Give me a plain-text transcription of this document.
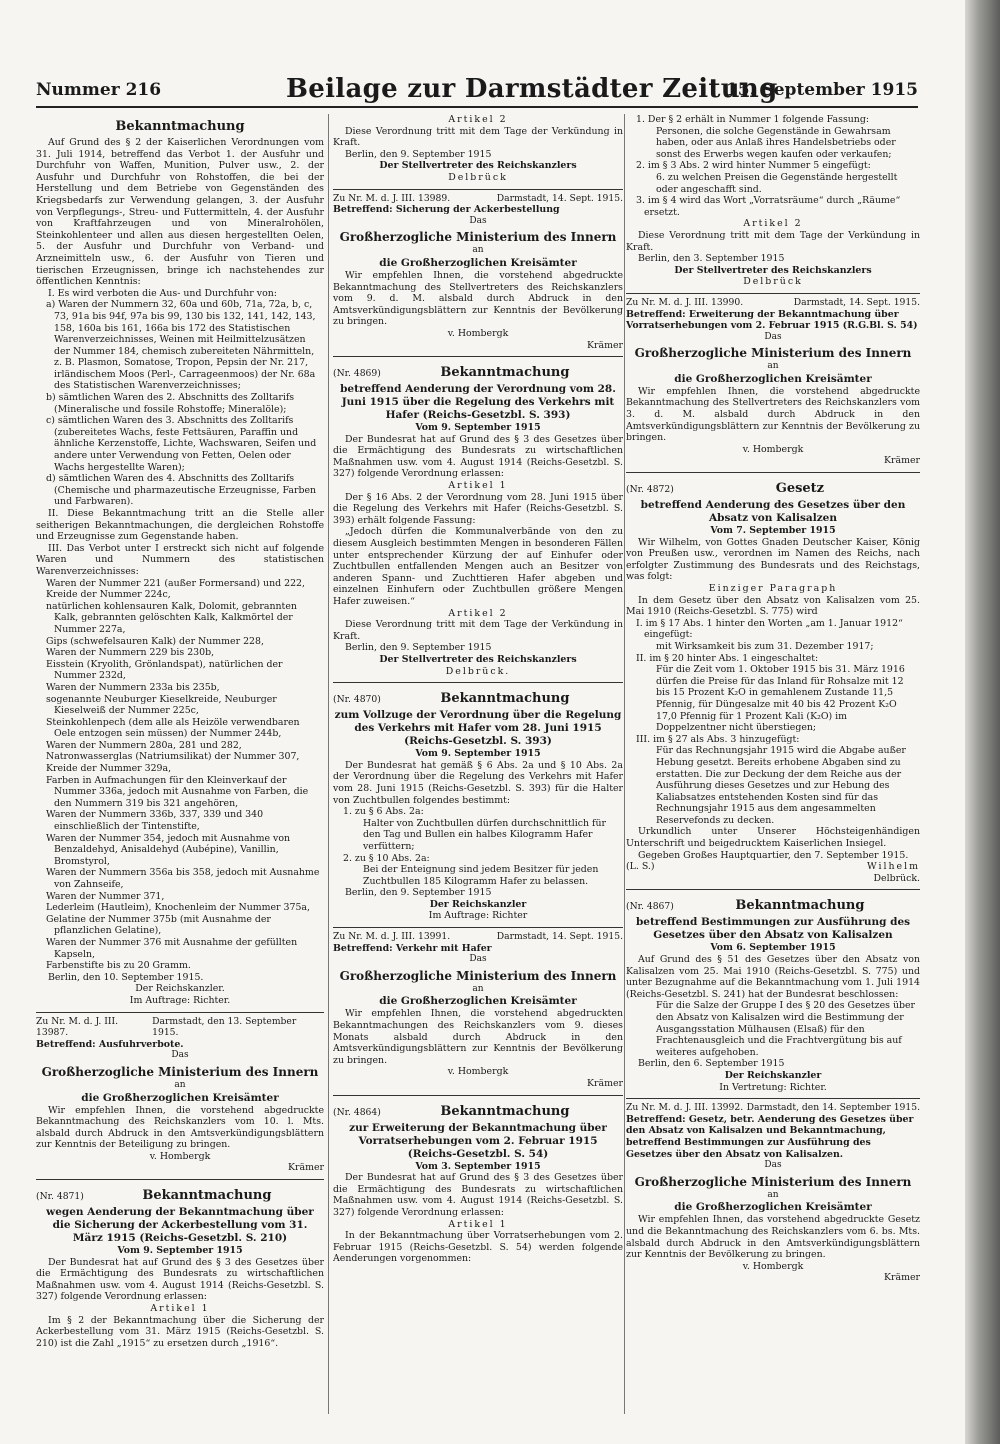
Nummer 216	Beilage zur Darmstädter Zeitung
15. September 1915
Bekanntmachung

Auf Grund des § 2 der Kaiserlichen Verordnungen vom 31. Juli 1914, betreffend das Verbot 1. der Ausfuhr und Durchfuhr von Waffen, Munition, Pulver usw., 2. der Ausfuhr und Durchfuhr von Rohstoffen, die bei der Herstellung und dem Betriebe von Gegenständen des Kriegsbedarfs zur Verwendung gelangen, 3. der Ausfuhr von Verpflegungs-, Streu- und Futtermitteln, 4. der Ausfuhr von Kraftfahrzeugen und von Mineralrohölen, Steinkohlenteer und allen aus diesen hergestellten Oelen, 5. der Ausfuhr und Durchfuhr von Verband- und Arzneimitteln usw., 6. der Ausfuhr von Tieren und tierischen Erzeugnissen, bringe ich nachstehendes zur öffentlichen Kenntnis:

I. Es wird verboten die Aus- und Durchfuhr von:

a) Waren der Nummern 32, 60a und 60b, 71a, 72a, b, c, 73, 91a bis 94f, 97a bis 99, 130 bis 132, 141, 142, 143, 158, 160a bis 161, 166a bis 172 des Statistischen Warenverzeichnisses, Weinen mit Heilmittelzusätzen der Nummer 184, chemisch zubereiteten Nährmitteln, z. B. Plasmon, Somatose, Tropon, Pepsin der Nr. 217, irländischem Moos (Perl-, Carrageenmoos) der Nr. 68a des Statistischen Warenverzeichnisses;

b) sämtlichen Waren des 2. Abschnitts des Zolltarifs (Mineralische und fossile Rohstoffe; Mineralöle);

c) sämtlichen Waren des 3. Abschnitts des Zolltarifs (zubereitetes Wachs, feste Fettsäuren, Paraffin und ähnliche Kerzenstoffe, Lichte, Wachswaren, Seifen und andere unter Verwendung von Fetten, Oelen oder Wachs hergestellte Waren);

d) sämtlichen Waren des 4. Abschnitts des Zolltarifs (Chemische und pharmazeutische Erzeugnisse, Farben und Farbwaren).

II. Diese Bekanntmachung tritt an die Stelle aller seitherigen Bekanntmachungen, die dergleichen Rohstoffe und Erzeugnisse zum Gegenstande haben.

III. Das Verbot unter I erstreckt sich nicht auf folgende Waren und Nummern des statistischen Warenverzeichnisses:

Waren der Nummer 221 (außer Formersand) und 222,

Kreide der Nummer 224c,

natürlichen kohlensauren Kalk, Dolomit, gebrannten Kalk, gebrannten gelöschten Kalk, Kalkmörtel der Nummer 227a,

Gips (schwefelsauren Kalk) der Nummer 228,

Waren der Nummern 229 bis 230b,

Eisstein (Kryolith, Grönlandspat), natürlichen der Nummer 232d,

Waren der Nummern 233a bis 235b,

sogenannte Neuburger Kieselkreide, Neuburger Kieselweiß der Nummer 225c,

Steinkohlenpech (dem alle als Heizöle verwendbaren Oele entzogen sein müssen) der Nummer 244b,

Waren der Nummern 280a, 281 und 282,

Natronwasserglas (Natriumsilikat) der Nummer 307,

Kreide der Nummer 329a,

Farben in Aufmachungen für den Kleinverkauf der Nummer 336a, jedoch mit Ausnahme von Farben, die den Nummern 319 bis 321 angehören,

Waren der Nummern 336b, 337, 339 und 340 einschließlich der Tintenstifte,

Waren der Nummer 354, jedoch mit Ausnahme von Benzaldehyd, Anisaldehyd (Aubépine), Vanillin, Bromstyrol,

Waren der Nummern 356a bis 358, jedoch mit Ausnahme von Zahnseife,

Waren der Nummer 371,

Lederleim (Hautleim), Knochenleim der Nummer 375a,

Gelatine der Nummer 375b (mit Ausnahme der pflanzlichen Gelatine),

Waren der Nummer 376 mit Ausnahme der gefüllten Kapseln,

Farbenstifte bis zu 20 Gramm.

Berlin, den 10. September 1915.

Der Reichskanzler.

Im Auftrage: Richter.

Zu Nr. M. d. J. III. 13987.
Darmstadt, den 13. September 1915.

Betreffend: Ausfuhrverbote.

Das

Großherzogliche Ministerium des Innern

an

die Großherzoglichen Kreisämter

Wir empfehlen Ihnen, die vorstehend abgedruckte Bekanntmachung des Reichskanzlers vom 10. l. Mts. alsbald durch Abdruck in den Amtsverkündigungsblättern zur Kenntnis der Beteiligung zu bringen.

v. Hombergk

Krämer

(Nr. 4871)	Bekanntmachung
wegen Aenderung der Bekanntmachung über die Sicherung der Ackerbestellung vom 31. März 1915 (Reichs-Gesetzbl. S. 210)

Vom 9. September 1915

Der Bundesrat hat auf Grund des § 3 des Gesetzes über die Ermächtigung des Bundesrats zu wirtschaftlichen Maßnahmen usw. vom 4. August 1914 (Reichs-Gesetzbl. S. 327) folgende Verordnung erlassen:

Artikel 1

Im § 2 der Bekanntmachung über die Sicherung der Ackerbestellung vom 31. März 1915 (Reichs-Gesetzbl. S. 210) ist die Zahl „1915“ zu ersetzen durch „1916“.

Artikel 2

Diese Verordnung tritt mit dem Tage der Verkündung in Kraft.

Berlin, den 9. September 1915

Der Stellvertreter des Reichskanzlers

Delbrück

Zu Nr. M. d. J. III. 13989.	Darmstadt, 14. Sept. 1915.

Betreffend: Sicherung der Ackerbestellung

Das

Großherzogliche Ministerium des Innern

an

die Großherzoglichen Kreisämter

Wir empfehlen Ihnen, die vorstehend abgedruckte Bekanntmachung des Stellvertreters des Reichskanzlers vom 9. d. M. alsbald durch Abdruck in den Amtsverkündigungsblättern zur Kenntnis der Bevölkerung zu bringen.

v. Hombergk

Krämer

(Nr. 4869)	Bekanntmachung
betreffend Aenderung der Verordnung vom 28. Juni 1915 über die Regelung des Verkehrs mit Hafer (Reichs-Gesetzbl. S. 393)

Vom 9. September 1915

Der Bundesrat hat auf Grund des § 3 des Gesetzes über die Ermächtigung des Bundesrats zu wirtschaftlichen Maßnahmen usw. vom 4. August 1914 (Reichs-Gesetzbl. S. 327) folgende Verordnung erlassen:

Artikel 1

Der § 16 Abs. 2 der Verordnung vom 28. Juni 1915 über die Regelung des Verkehrs mit Hafer (Reichs-Gesetzbl. S. 393) erhält folgende Fassung:

„Jedoch dürfen die Kommunalverbände von den zu diesem Ausgleich bestimmten Mengen in besonderen Fällen unter entsprechender Kürzung der auf Einhufer oder Zuchtbullen entfallenden Mengen auch an Besitzer von anderen Spann- und Zuchttieren Hafer abgeben und einzelnen Einhufern oder Zuchtbullen größere Mengen Hafer zuweisen.“

Artikel 2

Diese Verordnung tritt mit dem Tage der Verkündung in Kraft.

Berlin, den 9. September 1915

Der Stellvertreter des Reichskanzlers

Delbrück.

(Nr. 4870)	Bekanntmachung
zum Vollzuge der Verordnung über die Regelung des Verkehrs mit Hafer vom 28. Juni 1915 (Reichs-Gesetzbl. S. 393)

Vom 9. September 1915

Der Bundesrat hat gemäß § 6 Abs. 2a und § 10 Abs. 2a der Verordnung über die Regelung des Verkehrs mit Hafer vom 28. Juni 1915 (Reichs-Gesetzbl. S. 393) für die Halter von Zuchtbullen folgendes bestimmt:

1. zu § 6 Abs. 2a:

Halter von Zuchtbullen dürfen durchschnittlich für den Tag und Bullen ein halbes Kilogramm Hafer verfüttern;

2. zu § 10 Abs. 2a:

Bei der Enteignung sind jedem Besitzer für jeden Zuchtbullen 185 Kilogramm Hafer zu belassen.

Berlin, den 9. September 1915

Der Reichskanzler

Im Auftrage: Richter

Zu Nr. M. d. J. III. 13991.	Darmstadt, 14. Sept. 1915.

Betreffend: Verkehr mit Hafer

Das

Großherzogliche Ministerium des Innern

an

die Großherzoglichen Kreisämter

Wir empfehlen Ihnen, die vorstehend abgedruckten Bekanntmachungen des Reichskanzlers vom 9. dieses Monats alsbald durch Abdruck in den Amtsverkündigungsblättern zur Kenntnis der Bevölkerung zu bringen.

v. Hombergk

Krämer

(Nr. 4864)	Bekanntmachung
zur Erweiterung der Bekanntmachung über Vorratserhebungen vom 2. Februar 1915 (Reichs-Gesetzbl. S. 54)

Vom 3. September 1915

Der Bundesrat hat auf Grund des § 3 des Gesetzes über die Ermächtigung des Bundesrats zu wirtschaftlichen Maßnahmen usw. vom 4. August 1914 (Reichs-Gesetzbl. S. 327) folgende Verordnung erlassen:

Artikel 1

In der Bekanntmachung über Vorratserhebungen vom 2. Februar 1915 (Reichs-Gesetzbl. S. 54) werden folgende Aenderungen vorgenommen:

1. Der § 2 erhält in Nummer 1 folgende Fassung:

Personen, die solche Gegenstände in Gewahrsam haben, oder aus Anlaß ihres Handelsbetriebs oder sonst des Erwerbs wegen kaufen oder verkaufen;

2. im § 3 Abs. 2 wird hinter Nummer 5 eingefügt:

6. zu welchen Preisen die Gegenstände hergestellt oder angeschafft sind.

3. im § 4 wird das Wort „Vorratsräume“ durch „Räume“ ersetzt.

Artikel 2

Diese Verordnung tritt mit dem Tage der Verkündung in Kraft.

Berlin, den 3. September 1915

Der Stellvertreter des Reichskanzlers

Delbrück

Zu Nr. M. d. J. III. 13990.	Darmstadt, 14. Sept. 1915.

Betreffend: Erweiterung der Bekanntmachung über Vorratserhebungen vom 2. Februar 1915 (R.G.Bl. S. 54)

Das

Großherzogliche Ministerium des Innern

an

die Großherzoglichen Kreisämter

Wir empfehlen Ihnen, die vorstehend abgedruckte Bekanntmachung des Stellvertreters des Reichskanzlers vom 3. d. M. alsbald durch Abdruck in den Amtsverkündigungsblättern zur Kenntnis der Bevölkerung zu bringen.

v. Hombergk

Krämer

(Nr. 4872)	Gesetz
betreffend Aenderung des Gesetzes über den Absatz von Kalisalzen

Vom 7. September 1915

Wir Wilhelm, von Gottes Gnaden Deutscher Kaiser, König von Preußen usw., verordnen im Namen des Reichs, nach erfolgter Zustimmung des Bundesrats und des Reichstags, was folgt:

Einziger Paragraph

In dem Gesetz über den Absatz von Kalisalzen vom 25. Mai 1910 (Reichs-Gesetzbl. S. 775) wird

I. im § 17 Abs. 1 hinter den Worten „am 1. Januar 1912“ eingefügt:

mit Wirksamkeit bis zum 31. Dezember 1917;

II. im § 20 hinter Abs. 1 eingeschaltet:

Für die Zeit vom 1. Oktober 1915 bis 31. März 1916 dürfen die Preise für das Inland für Rohsalze mit 12 bis 15 Prozent K₂O in gemahlenem Zustande 11,5 Pfennig, für Düngesalze mit 40 bis 42 Prozent K₂O 17,0 Pfennig für 1 Prozent Kali (K₂O) im Doppelzentner nicht überstiegen;

III. im § 27 als Abs. 3 hinzugefügt:

Für das Rechnungsjahr 1915 wird die Abgabe außer Hebung gesetzt. Bereits erhobene Abgaben sind zu erstatten. Die zur Deckung der dem Reiche aus der Ausführung dieses Gesetzes und zur Hebung des Kaliabsatzes entstehenden Kosten sind für das Rechnungsjahr 1915 aus dem angesammelten Reservefonds zu decken.

Urkundlich unter Unserer Höchsteigenhändigen Unterschrift und beigedrucktem Kaiserlichen Insiegel.

Gegeben Großes Hauptquartier, den 7. September 1915.

(L. S.)	Wilhelm

Delbrück.

(Nr. 4867)	Bekanntmachung
betreffend Bestimmungen zur Ausführung des Gesetzes über den Absatz von Kalisalzen

Vom 6. September 1915

Auf Grund des § 51 des Gesetzes über den Absatz von Kalisalzen vom 25. Mai 1910 (Reichs-Gesetzbl. S. 775) und unter Bezugnahme auf die Bekanntmachung vom 1. Juli 1914 (Reichs-Gesetzbl. S. 241) hat der Bundesrat beschlossen:

Für die Salze der Gruppe I des § 20 des Gesetzes über den Absatz von Kalisalzen wird die Bestimmung der Ausgangsstation Mülhausen (Elsaß) für den Frachtenausgleich und die Frachtvergütung bis auf weiteres aufgehoben.

Berlin, den 6. September 1915

Der Reichskanzler

In Vertretung: Richter.

Zu Nr. M. d. J. III. 13992. Darmstadt, den 14. September 1915.

Betreffend: Gesetz, betr. Aenderung des Gesetzes über den Absatz von Kalisalzen und Bekanntmachung, betreffend Bestimmungen zur Ausführung des Gesetzes über den Absatz von Kalisalzen.

Das

Großherzogliche Ministerium des Innern

an

die Großherzoglichen Kreisämter

Wir empfehlen Ihnen, das vorstehend abgedruckte Gesetz und die Bekanntmachung des Reichskanzlers vom 6. bs. Mts. alsbald durch Abdruck in den Amtsverkündigungsblättern zur Kenntnis der Bevölkerung zu bringen.

v. Hombergk

Krämer
